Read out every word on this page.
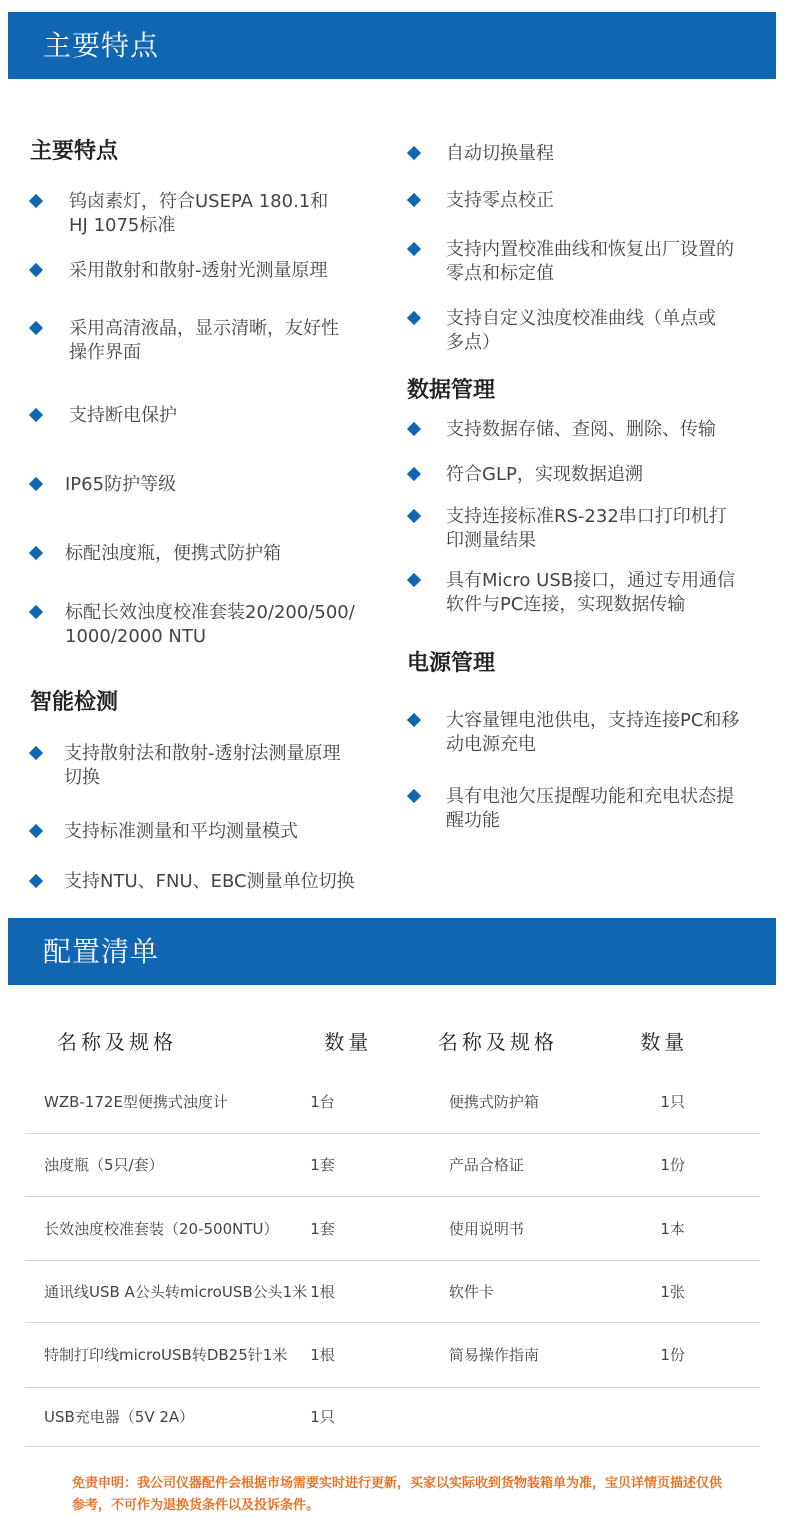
主要特点
主要特点
钨卤素灯，符合USEPA 180.1和
HJ 1075标准
采用散射和散射-透射光测量原理
采用高清液晶，显示清晰，友好性
操作界面
支持断电保护
IP65防护等级
标配浊度瓶，便携式防护箱
标配长效浊度校准套装20/200/500/
1000/2000 NTU
智能检测
支持散射法和散射-透射法测量原理
切换
支持标准测量和平均测量模式
支持NTU、FNU、EBC测量单位切换
自动切换量程
支持零点校正
支持内置校准曲线和恢复出厂设置的
零点和标定值
支持自定义浊度校准曲线（单点或
多点）
数据管理
支持数据存储、查阅、删除、传输
符合GLP，实现数据追溯
支持连接标准RS-232串口打印机打
印测量结果
具有Micro USB接口，通过专用通信
软件与PC连接，实现数据传输
电源管理
大容量锂电池供电，支持连接PC和移
动电源充电
具有电池欠压提醒功能和充电状态提
醒功能
配置清单
名称及规格	数量	名称及规格	数量
WZB-172E型便携式浊度计	1台	便携式防护箱	1只
浊度瓶（5只/套）	1套	产品合格证	1份
长效浊度校准套装（20-500NTU）	1套	使用说明书	1本
通讯线USB A公头转microUSB公头1米	1根	软件卡	1张
特制打印线microUSB转DB25针1米	1根	简易操作指南	1份
USB充电器（5V 2A）	1只		
免责申明：我公司仪器配件会根据市场需要实时进行更新，买家以实际收到货物装箱单为准，宝贝详情页描述仅供参考，不可作为退换货条件以及投诉条件。
